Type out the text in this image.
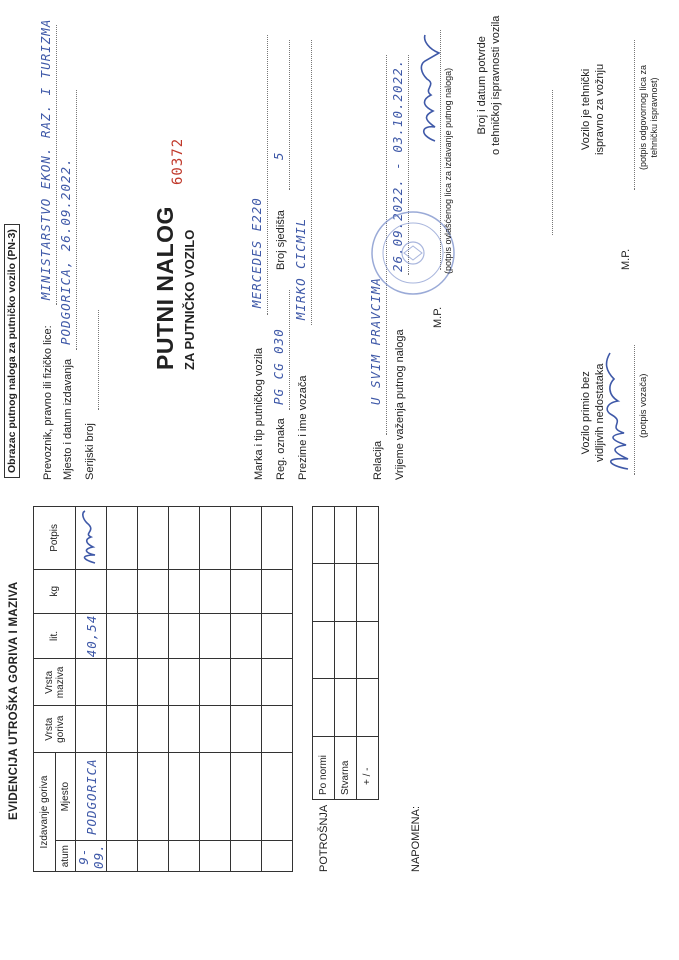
EVIDENCIJA UTROŠKA GORIVA I MAZIVA Izdavanje goriva		Vrsta goriva	Vrsta maziva	lit.	kg	Potpis
atum	Mjesto					
9-09.	PODGORICA			40,54		

POTROŠNJA
Po normi				
Stvarna				
+ / -				
NAPOMENA:
Obrazac putnog naloga za putničko vozilo (PN-3) Prevoznik, pravno ili fizičko lice:
MINISTARSTVO EKON. RAZ. I TURIZMA
Mjesto i datum izdavanja
PODGORICA, 26.09.2022.
Serijski broj
60372
PUTNI NALOG ZA PUTNIČKO VOZILO
Marka i tip putničkog vozila
MERCEDES E220
Reg. oznaka
PG CG 030
Broj sjedišta
5
Prezime i ime vozača
MIRKO CICMIL
Relacija
U SVIM PRAVCIMA Vrijeme važenja putnog naloga
26.09.2022. - 03.10.2022.
M.P.
(potpis ovlašćenog lica za izdavanje putnog naloga) Broj i datum potvrde
o tehničkoj ispravnosti vozila
Vozilo primio bez
vidljivih nedostataka	(potpis vozača)
M.P.
Vozilo je tehnički
ispravno za vožnju
(potpis odgovornog lica za
tehničku ispravnost)
